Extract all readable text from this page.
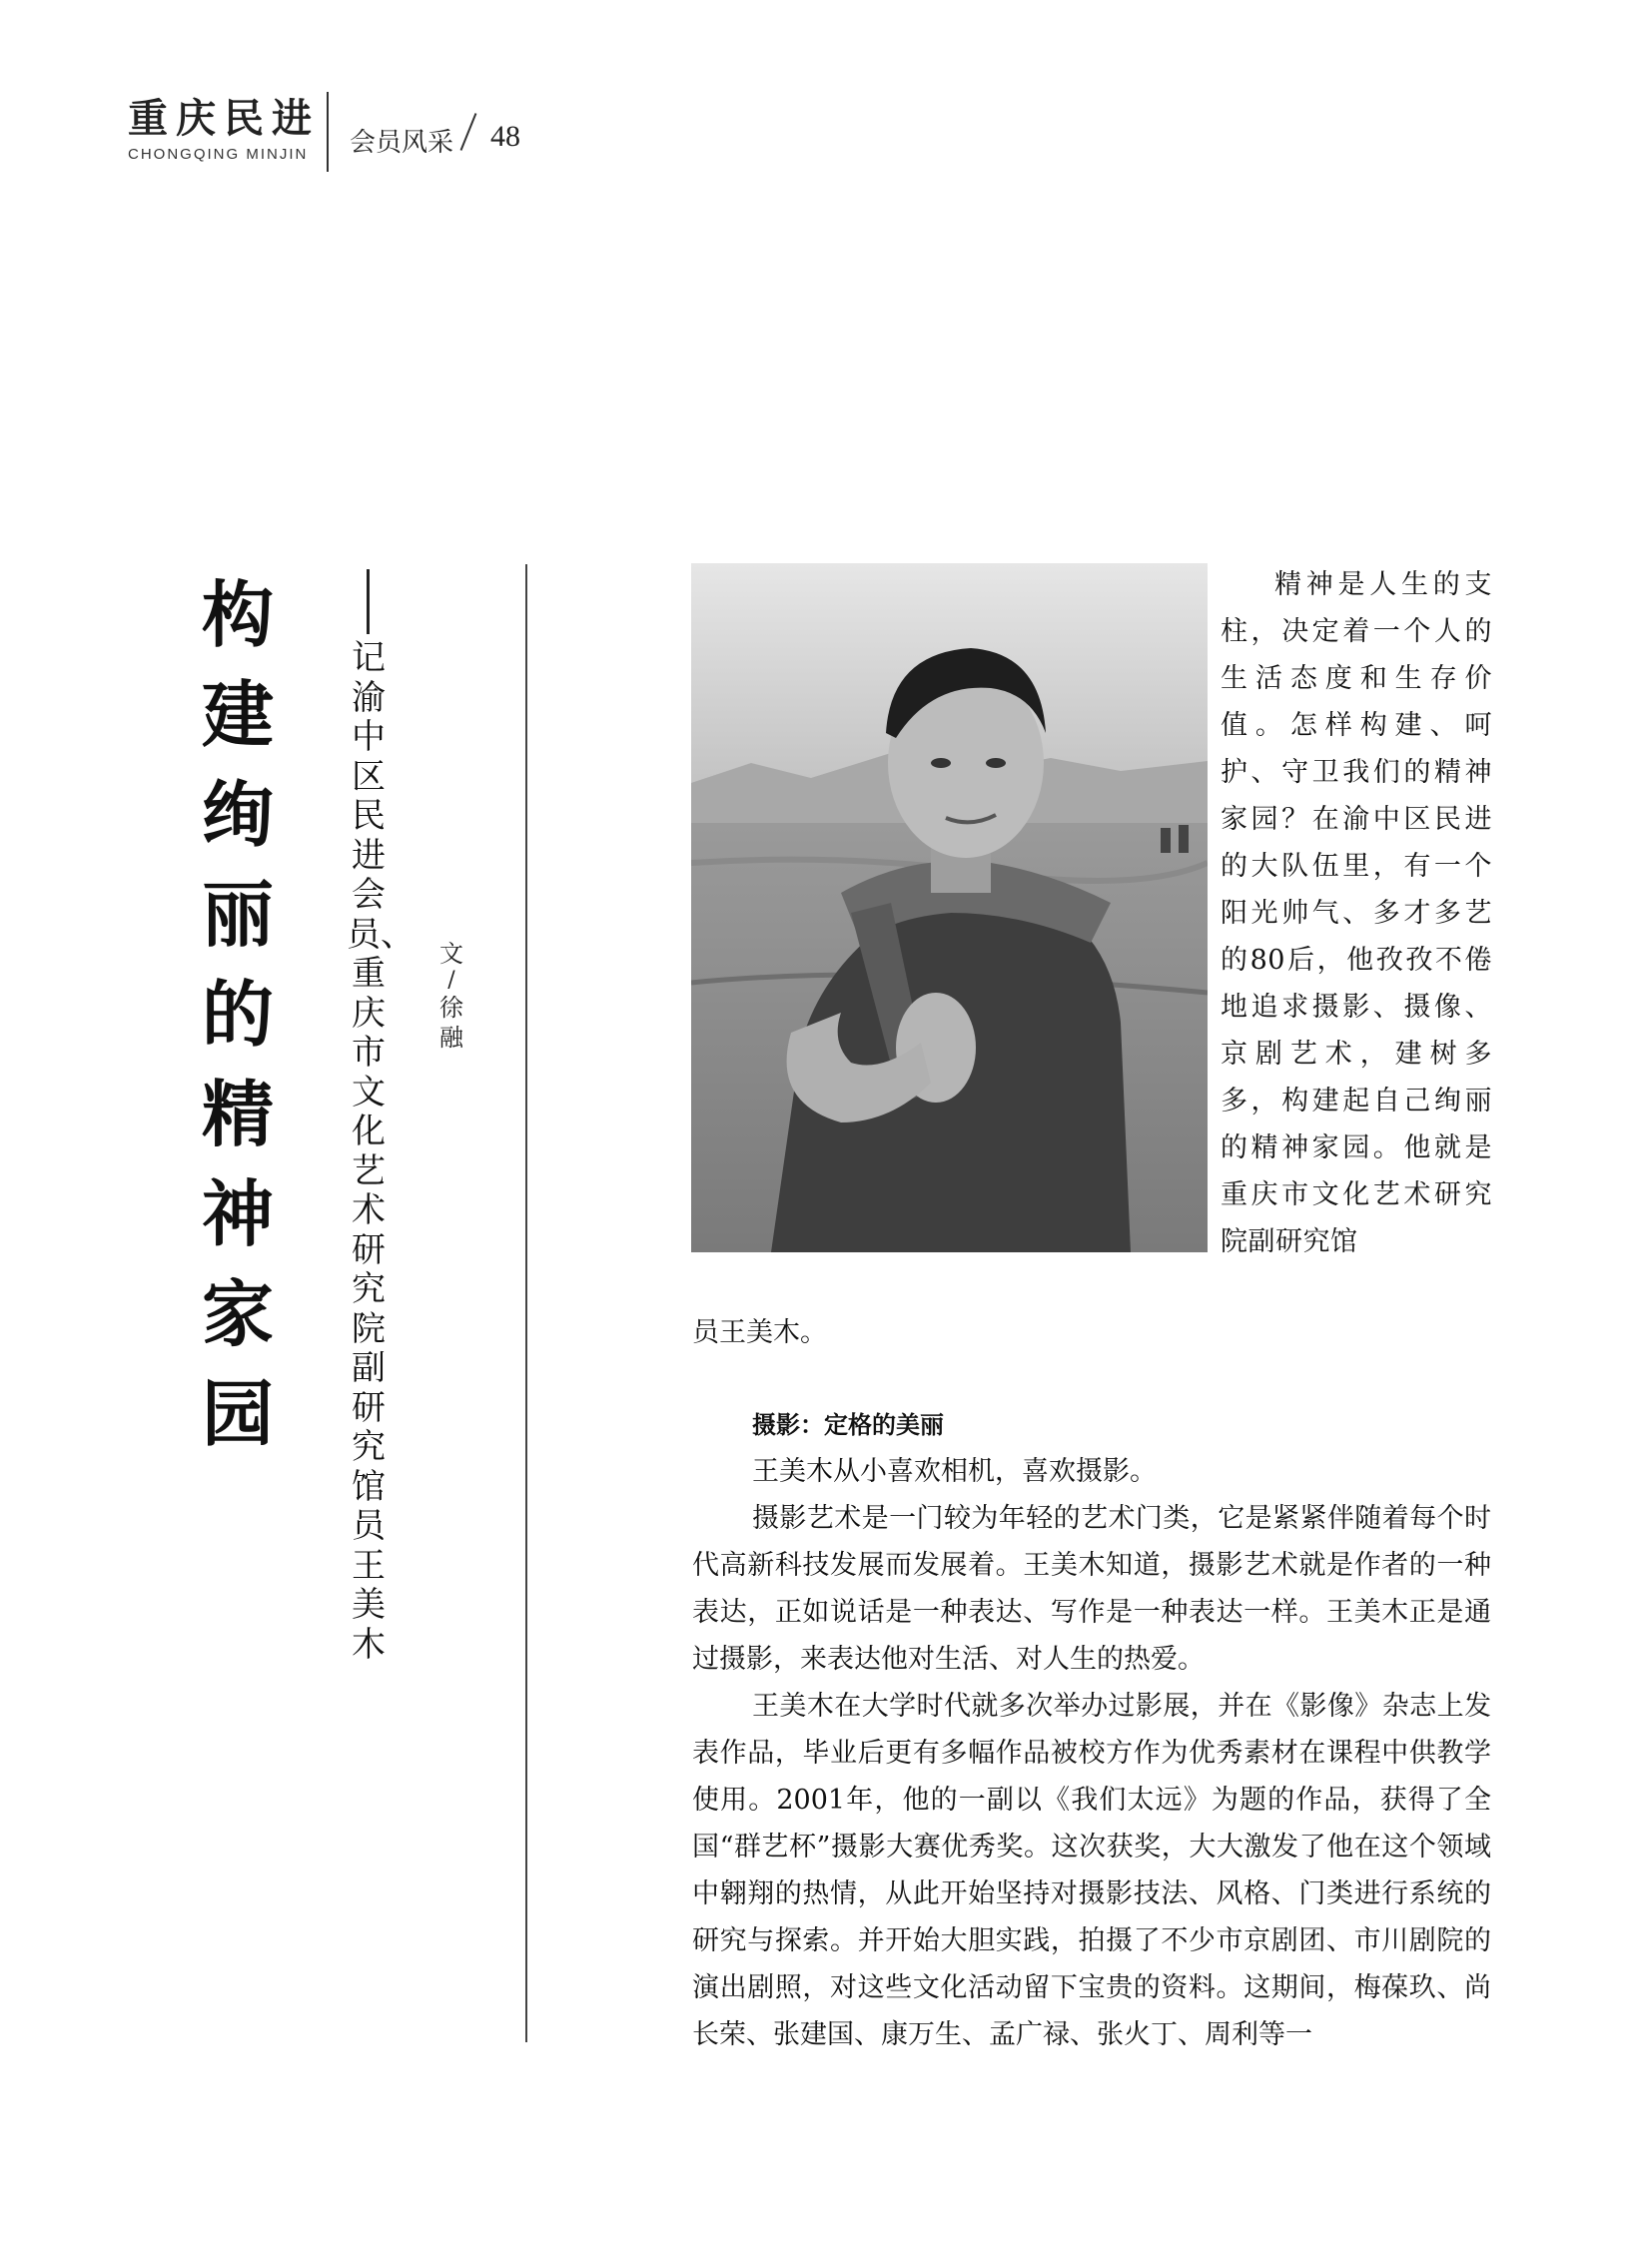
重庆民进
CHONGQING MINJIN	会员风采 48
构建绚丽的精神家园
记渝中区民进会员、重庆市文化艺术研究院副研究馆员王美木
文
/
徐融

精神是人生的支柱，决定着一个人的生活态度和生存价值。怎样构建、呵护、守卫我们的精神家园？在渝中区民进的大队伍里，有一个阳光帅气、多才多艺的80后，他孜孜不倦地追求摄影、摄像、京剧艺术，建树多多，构建起自己绚丽的精神家园。他就是重庆市文化艺术研究院副研究馆

员王美木。
摄影：定格的美丽

王美木从小喜欢相机，喜欢摄影。

摄影艺术是一门较为年轻的艺术门类，它是紧紧伴随着每个时代高新科技发展而发展着。王美木知道，摄影艺术就是作者的一种表达，正如说话是一种表达、写作是一种表达一样。王美木正是通过摄影，来表达他对生活、对人生的热爱。

王美木在大学时代就多次举办过影展，并在《影像》杂志上发表作品，毕业后更有多幅作品被校方作为优秀素材在课程中供教学使用。2001年，他的一副以《我们太远》为题的作品，获得了全国“群艺杯”摄影大赛优秀奖。这次获奖，大大激发了他在这个领域中翱翔的热情，从此开始坚持对摄影技法、风格、门类进行系统的研究与探索。并开始大胆实践，拍摄了不少市京剧团、市川剧院的演出剧照，对这些文化活动留下宝贵的资料。这期间，梅葆玖、尚长荣、张建国、康万生、孟广禄、张火丁、周利等一
